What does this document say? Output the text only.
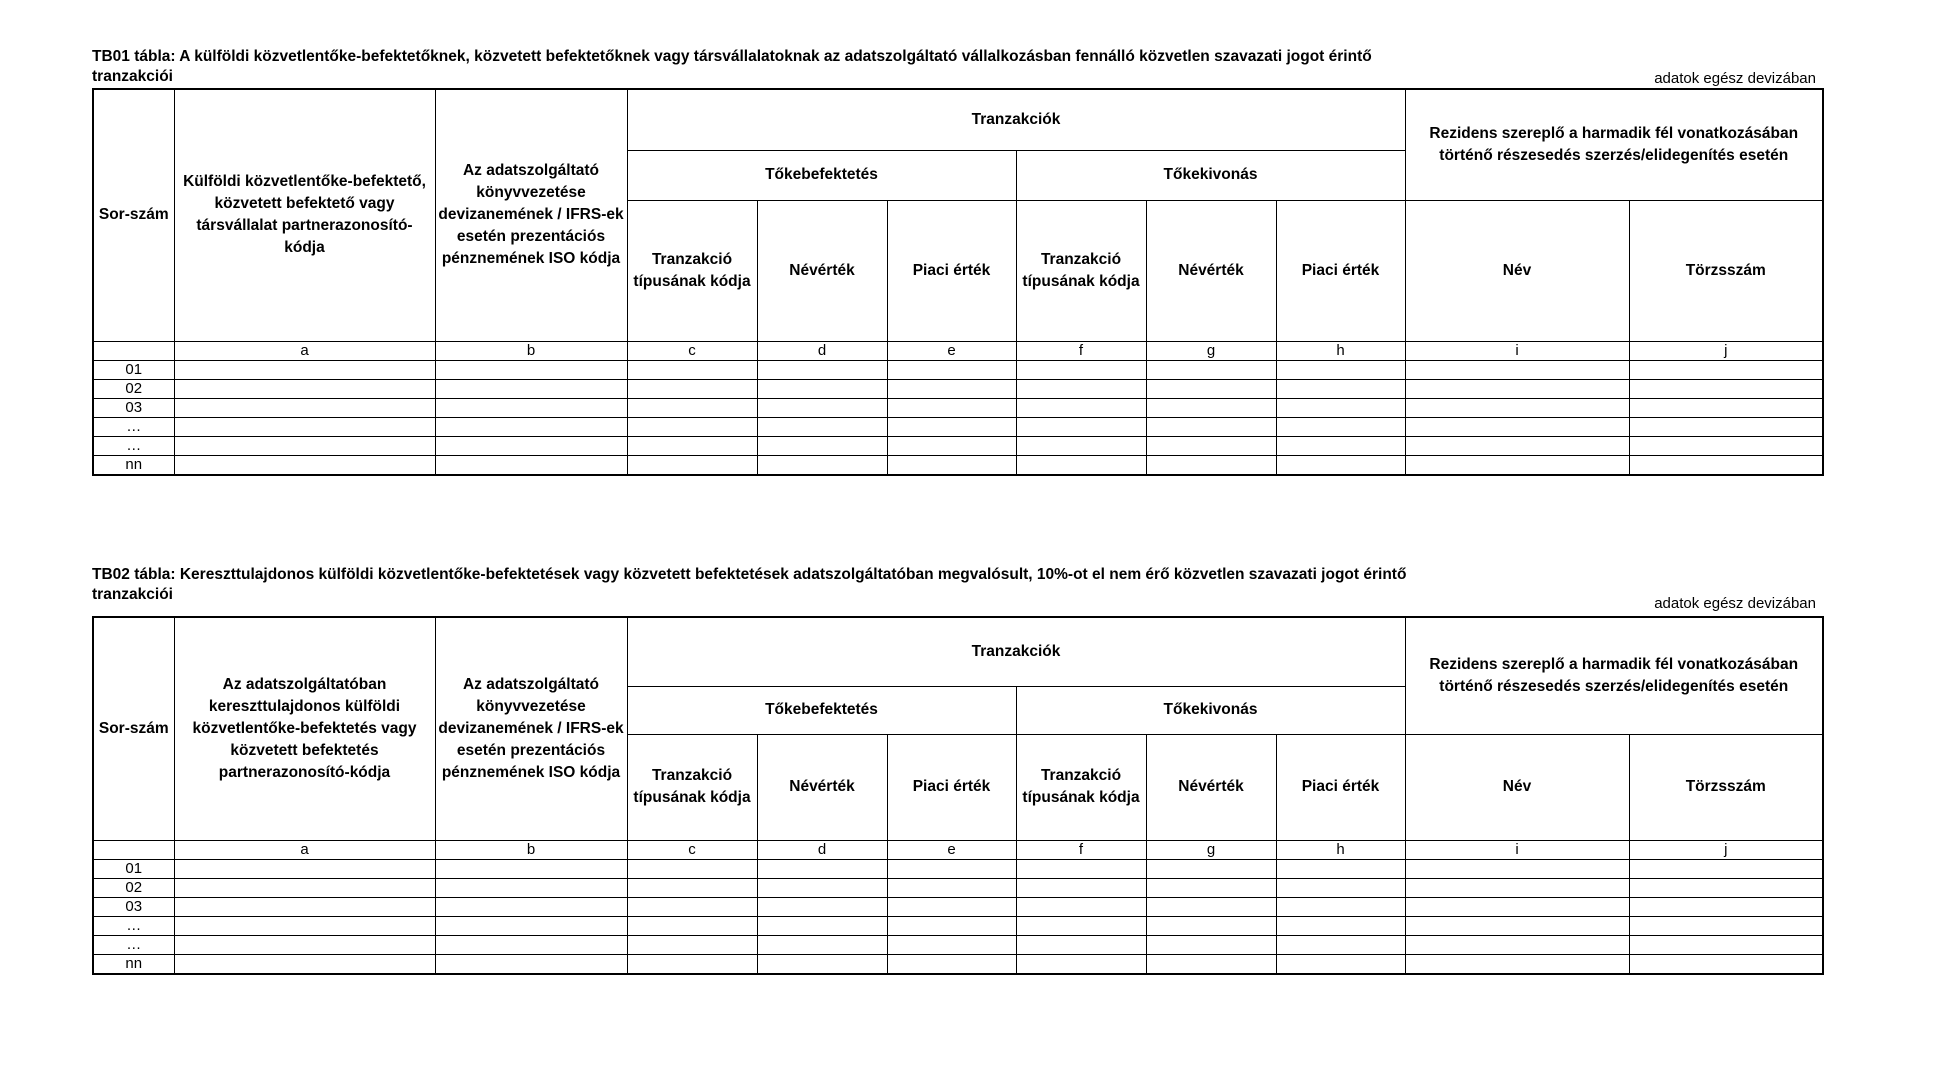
TB01 tábla: A külföldi közvetlentőke-befektetőknek, közvetett befektetőknek vagy társvállalatoknak az adatszolgáltató vállalkozásban fennálló közvetlen szavazati jogot érintő tranzakciói	adatok egész devizában
Sor-szám	Külföldi közvetlentőke-befektető, közvetett befektető vagy társvállalat partnerazonosító-kódja	Az adatszolgáltató könyvvezetése devizanemének / IFRS-ek esetén prezentációs pénznemének ISO kódja	Tranzakciók						Rezidens szereplő a harmadik fél vonatkozásában történő részesedés szerzés/elidegenítés esetén	
			Tőkebefektetés			Tőkekivonás				
			Tranzakció típusának kódja	Névérték	Piaci érték	Tranzakció típusának kódja	Névérték	Piaci érték	Név	Törzsszám
	a	b	c	d	e	f	g	h	i	j
01										
02										
03										
…										
…										
nn										
TB02 tábla: Kereszttulajdonos külföldi közvetlentőke-befektetések vagy közvetett befektetések adatszolgáltatóban megvalósult, 10%-ot el nem érő közvetlen szavazati jogot érintő tranzakciói
adatok egész devizában
Sor-szám	Az adatszolgáltatóban kereszttulajdonos külföldi közvetlentőke-befektetés vagy közvetett befektetés partnerazonosító-kódja	Az adatszolgáltató könyvvezetése devizanemének / IFRS-ek esetén prezentációs pénznemének ISO kódja	Tranzakciók						Rezidens szereplő a harmadik fél vonatkozásában történő részesedés szerzés/elidegenítés esetén	
			Tőkebefektetés			Tőkekivonás				
			Tranzakció típusának kódja	Névérték	Piaci érték	Tranzakció típusának kódja	Névérték	Piaci érték	Név	Törzsszám
	a	b	c	d	e	f	g	h	i	j
01										
02										
03										
…										
…										
nn										
